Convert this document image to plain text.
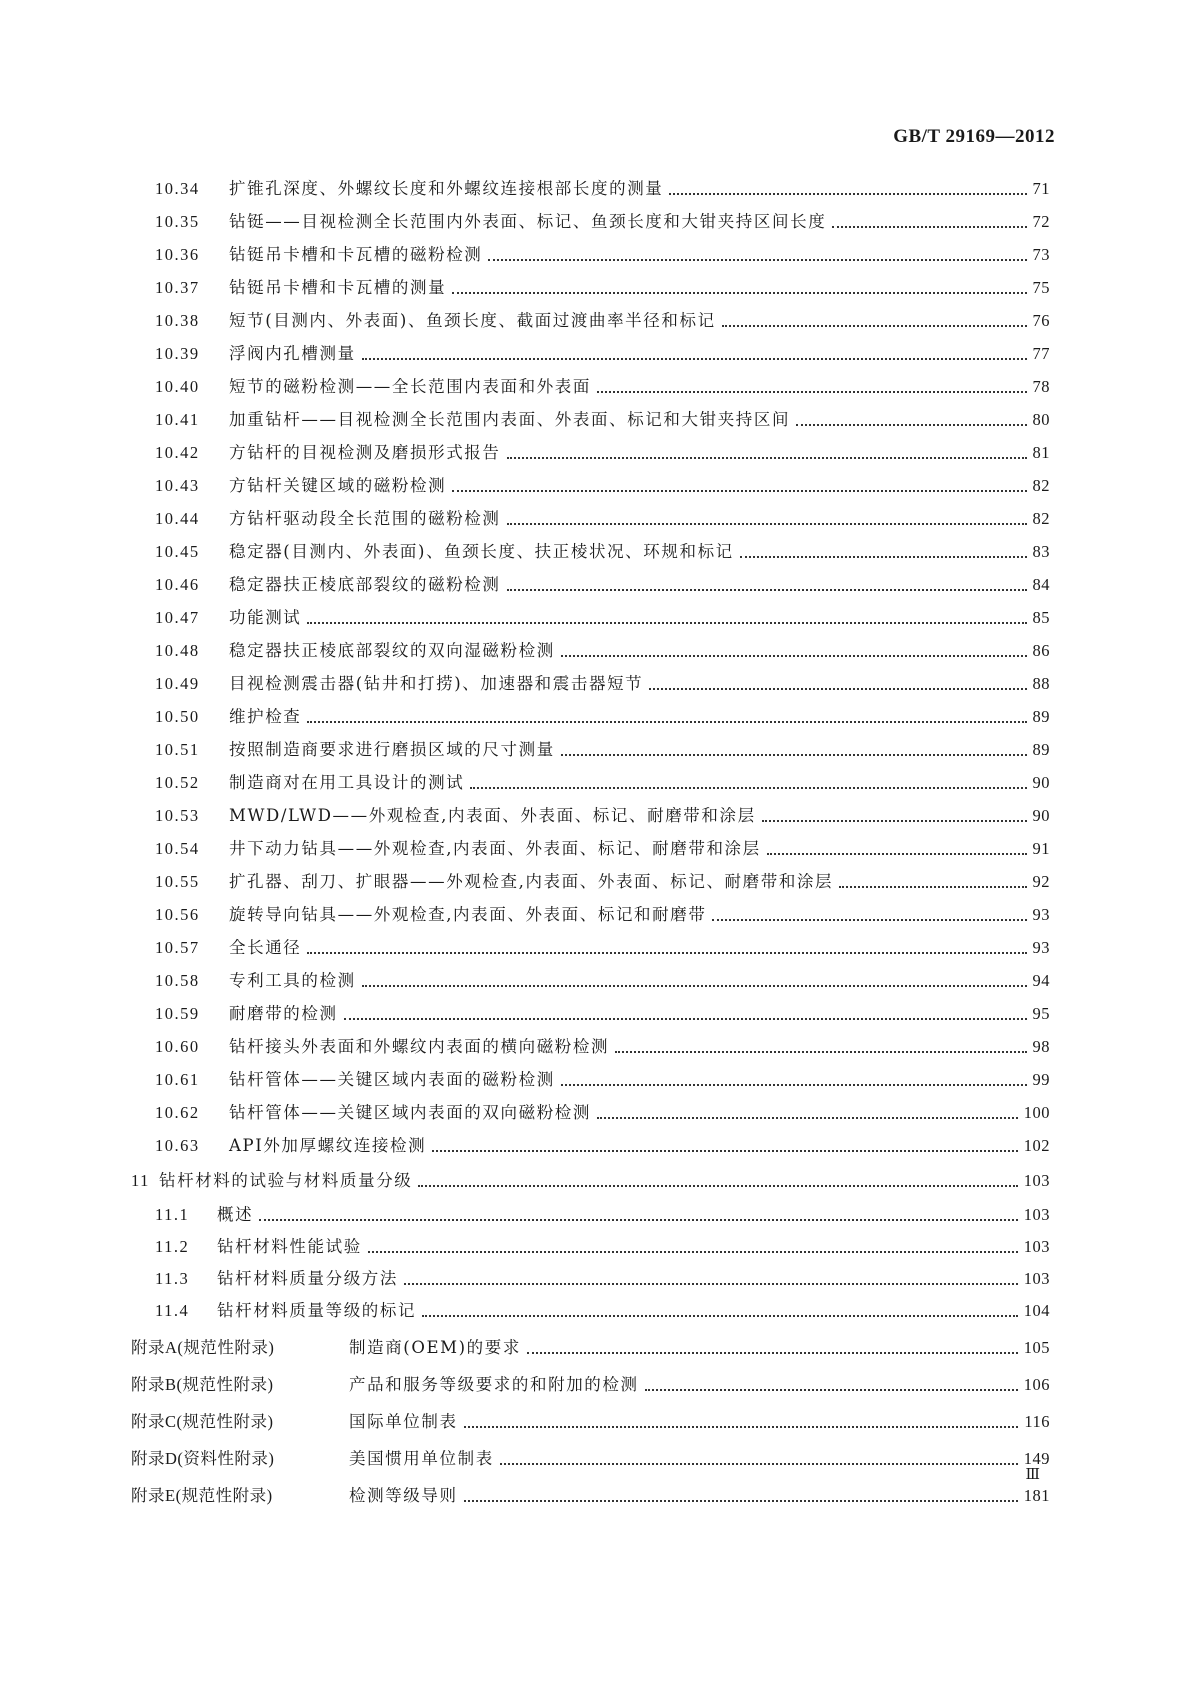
GB/T 29169—2012
10.34	扩锥孔深度、外螺纹长度和外螺纹连接根部长度的测量	71
10.35	钻铤——目视检测全长范围内外表面、标记、鱼颈长度和大钳夹持区间长度	72
10.36	钻铤吊卡槽和卡瓦槽的磁粉检测	73
10.37	钻铤吊卡槽和卡瓦槽的测量	75
10.38	短节(目测内、外表面)、鱼颈长度、截面过渡曲率半径和标记	76
10.39	浮阀内孔槽测量	77
10.40	短节的磁粉检测——全长范围内表面和外表面	78
10.41	加重钻杆——目视检测全长范围内表面、外表面、标记和大钳夹持区间	80
10.42	方钻杆的目视检测及磨损形式报告	81
10.43	方钻杆关键区域的磁粉检测	82
10.44	方钻杆驱动段全长范围的磁粉检测	82
10.45	稳定器(目测内、外表面)、鱼颈长度、扶正棱状况、环规和标记	83
10.46	稳定器扶正棱底部裂纹的磁粉检测	84
10.47	功能测试	85
10.48	稳定器扶正棱底部裂纹的双向湿磁粉检测	86
10.49	目视检测震击器(钻井和打捞)、加速器和震击器短节	88
10.50	维护检查	89
10.51	按照制造商要求进行磨损区域的尺寸测量	89
10.52	制造商对在用工具设计的测试	90
10.53	MWD/LWD——外观检查,内表面、外表面、标记、耐磨带和涂层	90
10.54	井下动力钻具——外观检查,内表面、外表面、标记、耐磨带和涂层	91
10.55	扩孔器、刮刀、扩眼器——外观检查,内表面、外表面、标记、耐磨带和涂层	92
10.56	旋转导向钻具——外观检查,内表面、外表面、标记和耐磨带	93
10.57	全长通径	93
10.58	专利工具的检测	94
10.59	耐磨带的检测	95
10.60	钻杆接头外表面和外螺纹内表面的横向磁粉检测	98
10.61	钻杆管体——关键区域内表面的磁粉检测	99
10.62	钻杆管体——关键区域内表面的双向磁粉检测	100
10.63	API外加厚螺纹连接检测	102
11 钻杆材料的试验与材料质量分级	103
11.1	概述	103
11.2	钻杆材料性能试验	103
11.3	钻杆材料质量分级方法	103
11.4	钻杆材料质量等级的标记	104
附录A(规范性附录)	制造商(OEM)的要求	105
附录B(规范性附录)	产品和服务等级要求的和附加的检测	106
附录C(规范性附录)	国际单位制表	116
附录D(资料性附录)	美国惯用单位制表	149
附录E(规范性附录)	检测等级导则	181
Ⅲ
